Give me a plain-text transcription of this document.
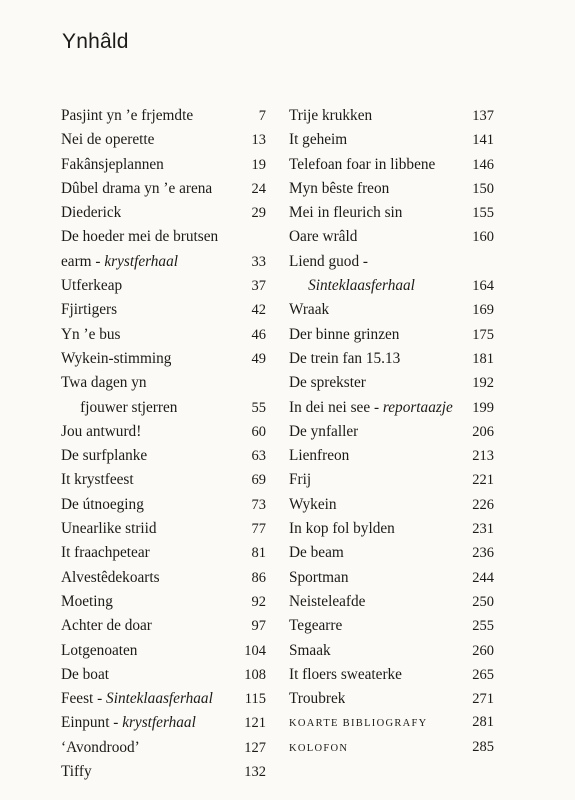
Ynhâld
Pasjint yn ’e frjemdte	7
Nei de operette	13
Fakânsjeplannen	19
Dûbel drama yn ’e arena	24
Diederick	29
De hoeder mei de brutsen
earm - krystferhaal	33
Utferkeap	37
Fjirtigers	42
Yn ’e bus	46
Wykein-stimming	49
Twa dagen yn
fjouwer stjerren	55
Jou antwurd!	60
De surfplanke	63
It krystfeest	69
De útnoeging	73
Unearlike striid	77
It fraachpetear	81
Alvestêdekoarts	86
Moeting	92
Achter de doar	97
Lotgenoaten	104
De boat	108
Feest - Sinteklaasferhaal 115
Einpunt - krystferhaal	121
‘Avondrood’	127
Tiffy	132
Trije krukken	137
It geheim	141
Telefoan foar in libbene	146
Myn bêste freon	150
Mei in fleurich sin	155
Oare wrâld	160
Liend guod -
Sinteklaasferhaal	164
Wraak	169
Der binne grinzen	175
De trein fan 15.13	181
De sprekster	192
In dei nei see - reportaazje 199
De ynfaller	206
Lienfreon	213
Frij	221
Wykein	226
In kop fol bylden	231
De beam	236
Sportman	244
Neisteleafde	250
Tegearre	255
Smaak	260
It floers sweaterke	265
Troubrek	271
KOARTE BIBLIOGRAFY	281
KOLOFON	285
